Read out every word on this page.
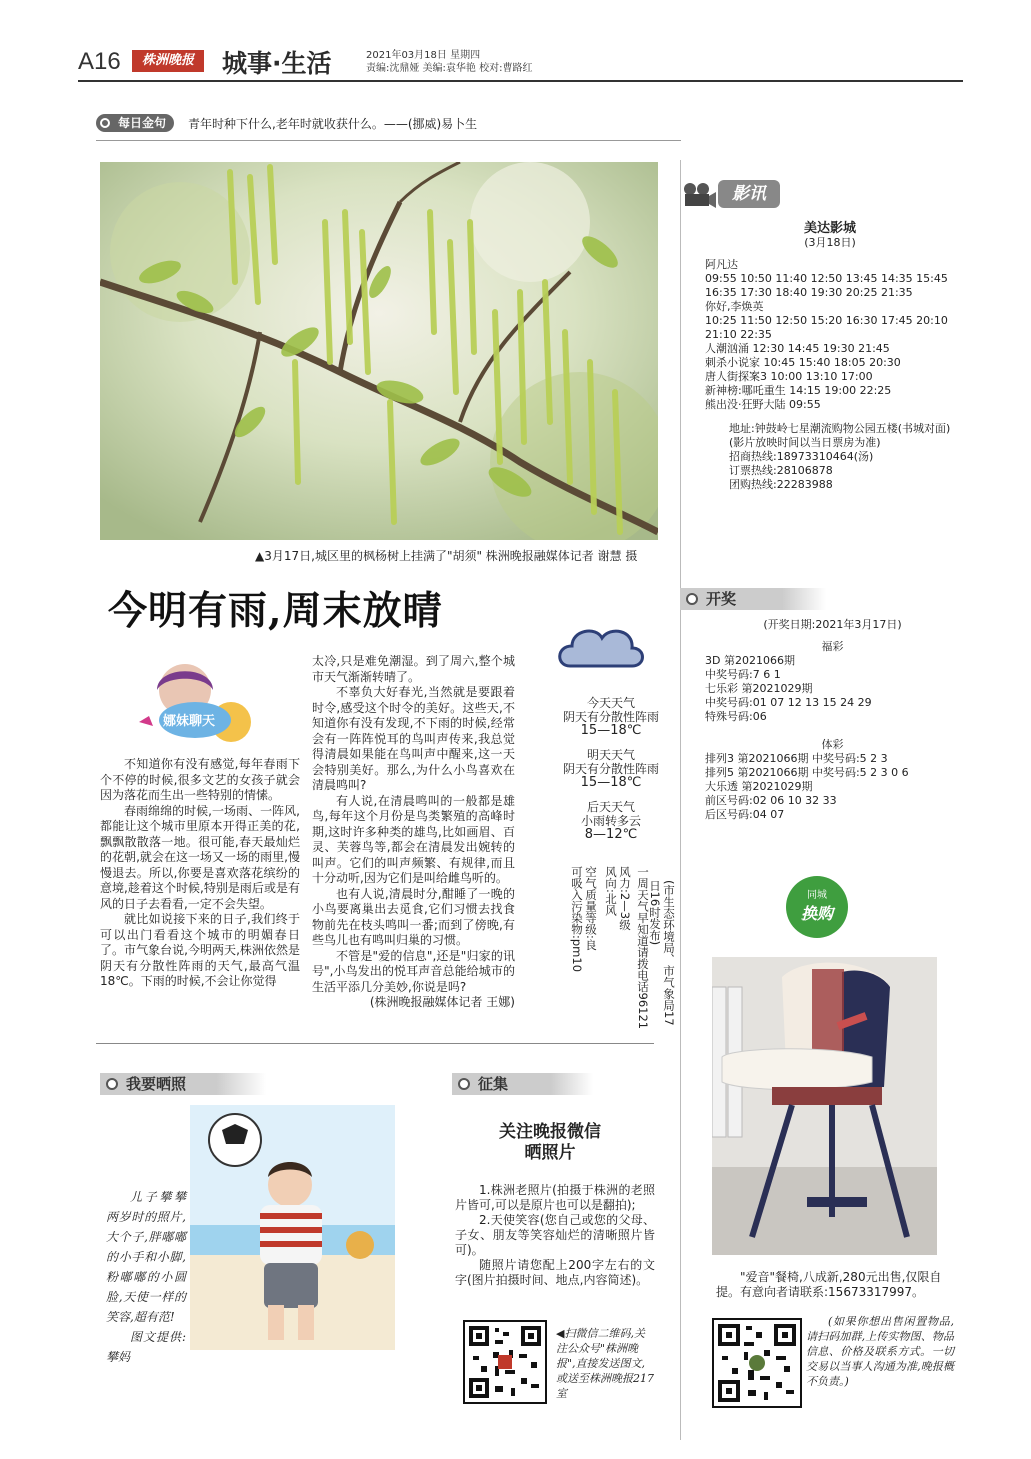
A16	株洲晚报	城事·生活	2021年03月18日 星期四
责编:沈鼎娅 美编:袁华艳 校对:曹路红
每日金句	青年时种下什么,老年时就收获什么。——(挪威)易卜生
▲3月17日,城区里的枫杨树上挂满了"胡须" 株洲晚报融媒体记者 谢慧 摄
今明有雨,周末放晴
娜妹聊天

不知道你有没有感觉,每年春雨下个不停的时候,很多文艺的女孩子就会因为落花而生出一些特别的情愫。

春雨绵绵的时候,一场雨、一阵风,都能让这个城市里原本开得正美的花,飘飘散散落一地。很可能,春天最灿烂的花朝,就会在这一场又一场的雨里,慢慢退去。所以,你要是喜欢落花缤纷的意境,趁着这个时候,特别是雨后或是有风的日子去看看,一定不会失望。

就比如说接下来的日子,我们终于可以出门看看这个城市的明媚春日了。市气象台说,今明两天,株洲依然是阴天有分散性阵雨的天气,最高气温18℃。下雨的时候,不会让你觉得

太冷,只是难免潮湿。到了周六,整个城市天气渐渐转晴了。

不辜负大好春光,当然就是要跟着时令,感受这个时令的美好。这些天,不知道你有没有发现,不下雨的时候,经常会有一阵阵悦耳的鸟叫声传来,我总觉得清晨如果能在鸟叫声中醒来,这一天会特别美好。那么,为什么小鸟喜欢在清晨鸣叫?

有人说,在清晨鸣叫的一般都是雄鸟,每年这个月份是鸟类繁殖的高峰时期,这时许多种类的雄鸟,比如画眉、百灵、芙蓉鸟等,都会在清晨发出婉转的叫声。它们的叫声频繁、有规律,而且十分动听,因为它们是叫给雌鸟听的。

也有人说,清晨时分,酣睡了一晚的小鸟要离巢出去觅食,它们习惯去找食物前先在枝头鸣叫一番;而到了傍晚,有些鸟儿也有鸣叫归巢的习惯。

不管是"爱的信息",还是"归家的讯号",小鸟发出的悦耳声音总能给城市的生活平添几分美妙,你说是吗?

(株洲晚报融媒体记者 王娜)
今天天气
阴天有分散性阵雨
15—18℃
明天天气
阴天有分散性阵雨
15—18℃
后天天气
小雨转多云
8—12℃
空气质量等级:良
可吸入污染物:pm10	风力:2—3级
风向:北风	一周天气早知道请拨电话96121	(市生态环境局、市气象局17日16时发布)
我要晒照
儿子攀攀两岁时的照片,大个子,胖嘟嘟的小手和小脚,粉嘟嘟的小圆脸,天使一样的笑容,超有范!
图文提供:攀妈
征集
关注晚报微信
晒照片

1.株洲老照片(拍摄于株洲的老照片皆可,可以是原片也可以是翻拍);

2.天使笑容(您自己或您的父母、子女、朋友等笑容灿烂的清晰照片皆可)。

随照片请您配上200字左右的文字(图片拍摄时间、地点,内容简述)。

◀扫微信二维码,关注公众号"株洲晚报",直接发送图文,或送至株洲晚报217室
影讯
美达影城
(3月18日)
阿凡达
09:55 10:50 11:40 12:50 13:45 14:35 15:45
16:35 17:30 18:40 19:30 20:25 21:35
你好,李焕英
10:25 11:50 12:50 15:20 16:30 17:45 20:10
21:10 22:35
人潮汹涌 12:30 14:45 19:30 21:45
刺杀小说家 10:45 15:40 18:05 20:30
唐人街探案3 10:00 13:10 17:00
新神榜:哪吒重生 14:15 19:00 22:25
熊出没·狂野大陆 09:55
地址:钟鼓岭七星潮流购物公园五楼(书城对面)
(影片放映时间以当日票房为准)
招商热线:18973310464(汤)
订票热线:28106878
团购热线:22283988
开奖
(开奖日期:2021年3月17日)
福彩
3D 第2021066期
中奖号码:7 6 1
七乐彩 第2021029期
中奖号码:01 07 12 13 15 24 29
特殊号码:06
体彩
排列3 第2021066期 中奖号码:5 2 3
排列5 第2021066期 中奖号码:5 2 3 0 6
大乐透 第2021029期
前区号码:02 06 10 32 33
后区号码:04 07
同城
换购
"爱音"餐椅,八成新,280元出售,仅限自提。有意向者请联系:15673317997。
(如果你想出售闲置物品,请扫码加群,上传实物图、物品信息、价格及联系方式。一切交易以当事人沟通为准,晚报概不负责。)
